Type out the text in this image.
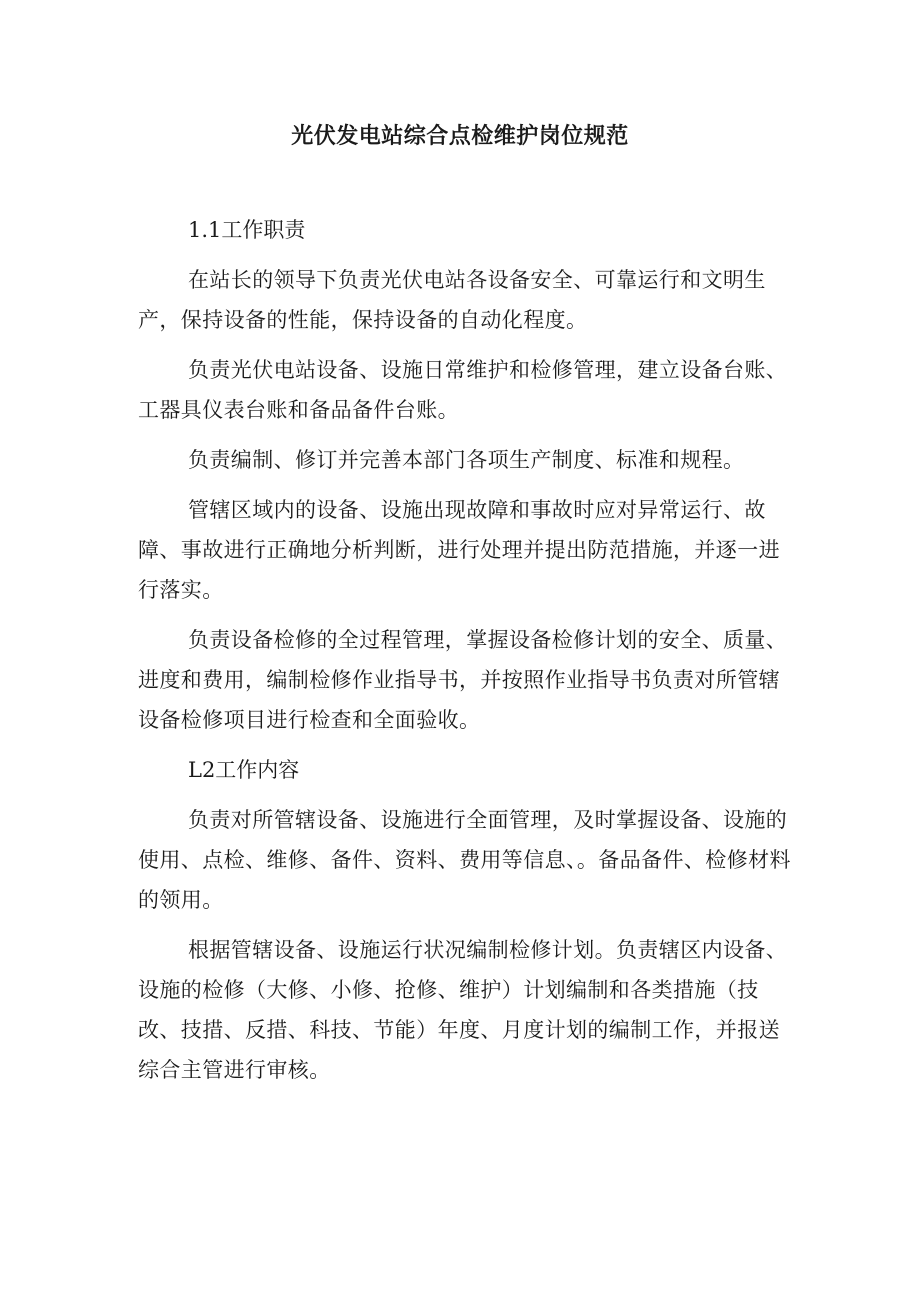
光伏发电站综合点检维护岗位规范

1.1工作职责

在站长的领导下负责光伏电站各设备安全、可靠运行和文明生产，保持设备的性能，保持设备的自动化程度。

负责光伏电站设备、设施日常维护和检修管理，建立设备台账、工器具仪表台账和备品备件台账。

负责编制、修订并完善本部门各项生产制度、标准和规程。

管辖区域内的设备、设施出现故障和事故时应对异常运行、故障、事故进行正确地分析判断，进行处理并提出防范措施，并逐一进行落实。

负责设备检修的全过程管理，掌握设备检修计划的安全、质量、进度和费用，编制检修作业指导书，并按照作业指导书负责对所管辖设备检修项目进行检查和全面验收。

L2工作内容

负责对所管辖设备、设施进行全面管理，及时掌握设备、设施的使用、点检、维修、备件、资料、费用等信息、。备品备件、检修材料的领用。

根据管辖设备、设施运行状况编制检修计划。负责辖区内设备、设施的检修（大修、小修、抢修、维护）计划编制和各类措施（技改、技措、反措、科技、节能）年度、月度计划的编制工作，并报送综合主管进行审核。
